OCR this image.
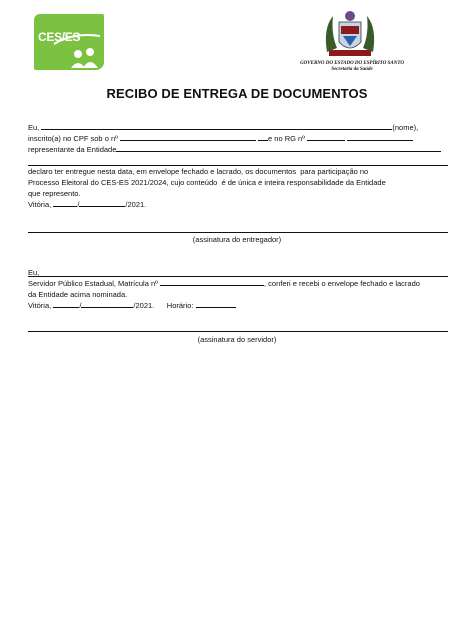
CES/ES
GOVERNO DO ESTADO DO ESPÍRITO SANTO
Secretaria da Saúde
RECIBO DE ENTREGA DE DOCUMENTOS
Eu,	(nome),
inscrito(a) no CPF sob o nº	e no RG nº
representante da Entidade
declaro ter entregue nesta data, em envelope fechado e lacrado, os documentos  para participação no
Processo Eleitoral do CES-ES 2021/2024, cujo conteúdo  é de única e inteira responsabilidade da Entidade
que represento.
Vitória,	/	/2021.
(assinatura do entregador)
Eu,
Servidor Público Estadual, Matrícula nº	, conferi e recebi o envelope fechado e lacrado
da Entidade acima nominada.
Vitória,	/	/2021. Horário:
(assinatura do servidor)
